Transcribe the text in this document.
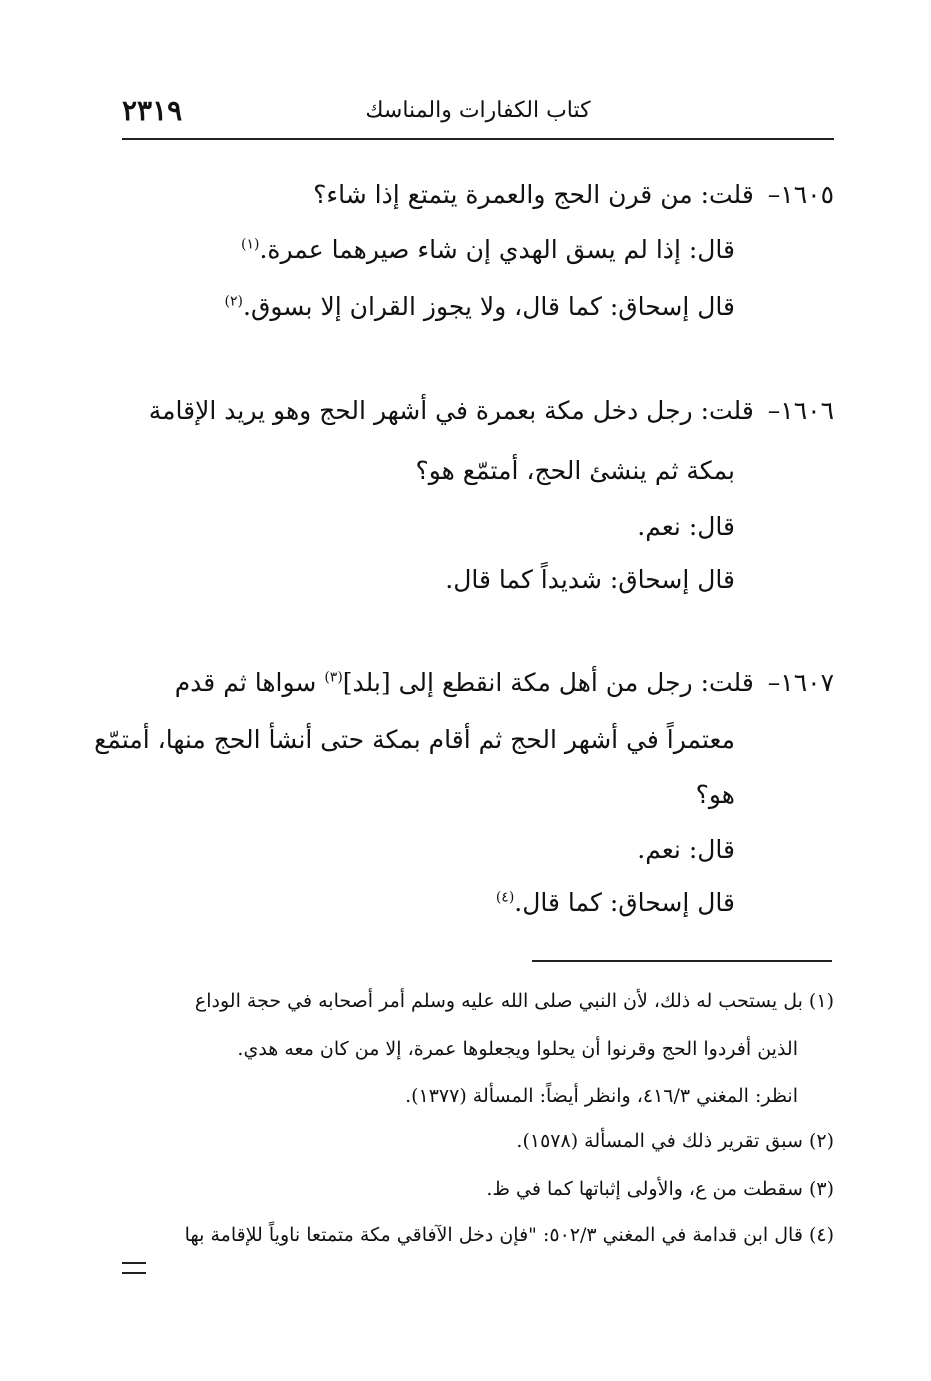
٢٣١٩	كتاب الكفارات والمناسك
١٦٠٥–قلت: من قرن الحج والعمرة يتمتع إذا شاء؟
قال: إذا لم يسق الهدي إن شاء صيرهما عمرة.$^{(١)}$
قال إسحاق: كما قال، ولا يجوز القران إلا بسوق.$^{(٢)}$
١٦٠٦–قلت: رجل دخل مكة بعمرة في أشهر الحج وهو يريد الإقامة
بمكة ثم ينشئ الحج، أمتمّع هو؟
قال: نعم.
قال إسحاق: شديداً كما قال.
١٦٠٧–قلت: رجل من أهل مكة انقطع إلى [بلد]$^{(٣)}$ سواها ثم قدم
معتمراً في أشهر الحج ثم أقام بمكة حتى أنشأ الحج منها، أمتمّع
هو؟
قال: نعم.
قال إسحاق: كما قال.$^{(٤)}$
(١) بل يستحب له ذلك، لأن النبي صلى الله عليه وسلم أمر أصحابه في حجة الوداع
الذين أفردوا الحج وقرنوا أن يحلوا ويجعلوها عمرة، إلا من كان معه هدي.
انظر: المغني ٤١٦/٣، وانظر أيضاً: المسألة (١٣٧٧).
(٢) سبق تقرير ذلك في المسألة (١٥٧٨).
(٣) سقطت من ع، والأولى إثباتها كما في ظ.
(٤) قال ابن قدامة في المغني ٥٠٢/٣: "فإن دخل الآفاقي مكة متمتعا ناوياً للإقامة بها
